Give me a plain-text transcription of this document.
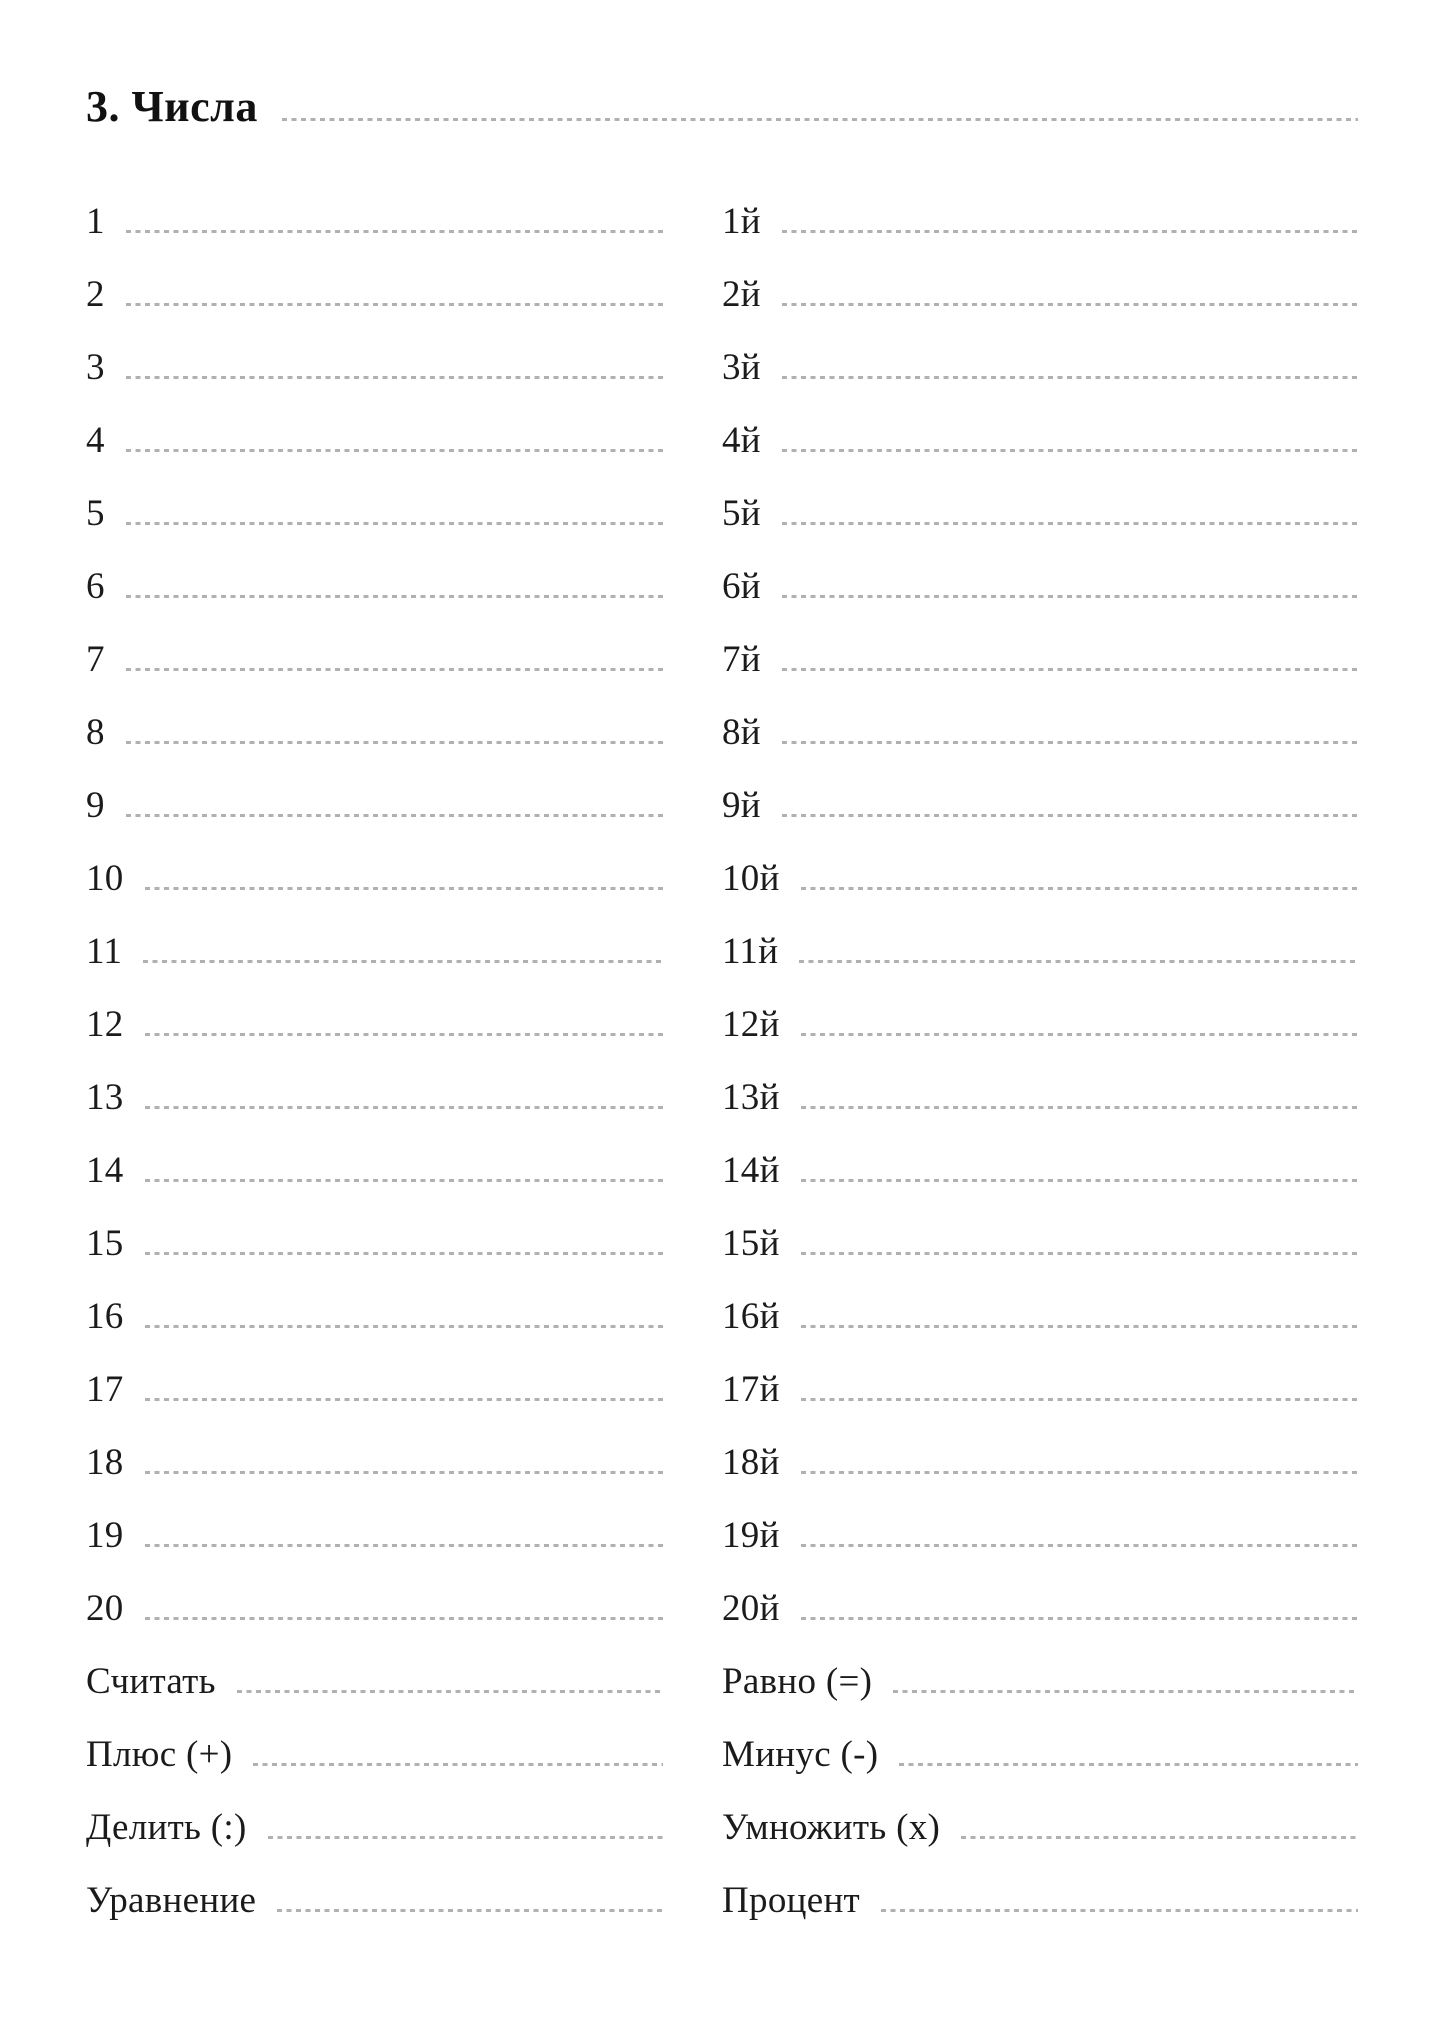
3. Числа
1
2
3
4
5
6
7
8
9
10
11
12
13
14
15
16
17
18
19
20
Считать
Плюс (+)
Делить (:)
Уравнение
1й
2й
3й
4й
5й
6й
7й
8й
9й
10й
11й
12й
13й
14й
15й
16й
17й
18й
19й
20й
Равно (=)
Минус (-)
Умножить (x)
Процент
